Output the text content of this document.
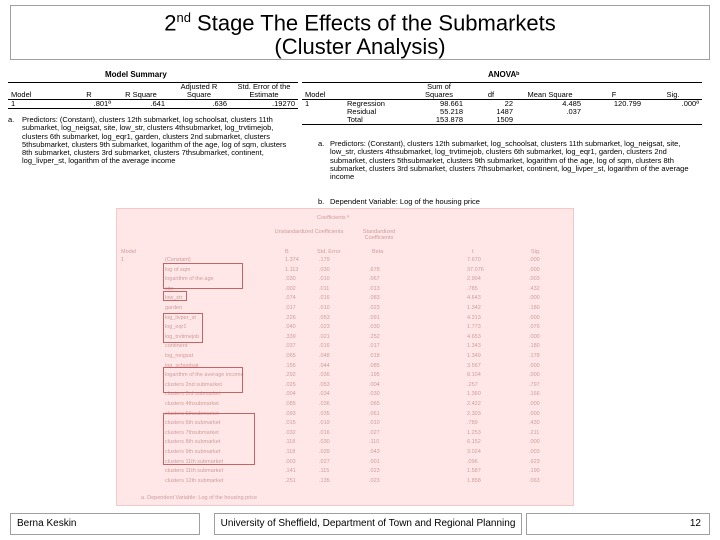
2nd Stage The Effects of the Submarkets
(Cluster Analysis)
Model Summary
Model	R	R Square	Adjusted R Square	Std. Error of the Estimate
1	.801ª	.641	.636	.19270
a.	Predictors: (Constant), clusters 12th submarket, log schoolsat, clusters 11th submarket, log_neigsat, site, low_str, clusters 4thsubmarket, log_trvtimejob, clusters 6th submarket, log_eqr1, garden, clusters 2nd submarket, clusters 5thsubmarket, clusters 9th submarket, logarithm of the age, log of sqm, clusters 8th submarket, clusters 3rd submarket, clusters 7thsubmarket, continent, log_livper_st, logarithm of the average income
ANOVAᵇ
Model		Sum of Squares	df	Mean Square	F	Sig.
1	Regression	98.661	22	4.485	120.799	.000ª
	Residual	55.218	1487	.037		
	Total	153.878	1509			
a. Predictors: (Constant), clusters 12th submarket, log_schoolsat, clusters 11th submarket, log_neigsat, site, low_str, clusters 4thsubmarket, log_trvtimejob, clusters 6th submarket, log_eqr1, garden, clusters 2nd submarket, clusters 5thsubmarket, clusters 9th submarket, logarithm of the age, log of sqm, clusters 8th submarket, clusters 3rd submarket, clusters 7thsubmarket, continent, log_livper_st, logarithm of the average income
b. Dependent Variable: Log of the housing price
Coefficients ª
Model
Unstandardized Coefficients	Standardized Coefficients
t	Sig.
B	Std. Error	Beta
1	(Constant)	1.374	.179	7.670	.000
log of sqm	1.113	.030	.678	37.076	.000
logarithm of the age	.030	.010	.067	2.904	.003
site	.002	.011	.013	.785	.432
low_str	.074	.016	.083	4.643	.000
garden	.017	.010	.023	1.342	.180
log_livper_st	.226	.053	.091	4.313	.000
log_eqr1	.040	.023	.030	1.773	.076
log_trvtimejob	.339	.021	.252	4.653	.000
continent	.037	.016	.017	1.343	.180
log_neigsat	.065	.048	.018	1.349	.178
log_schoolsat	.155	.044	.085	3.567	.000
logarithm of the average income	.292	.036	.195	8.104	.000
clusters 2nd submarket	.025	.053	.004	.257	.797
clusters 3rd submarket	.004	.034	.030	1.360	.166
clusters 4thsubmarket	.085	.036	.065	2.422	.000
clusters 5thsubmarket	.093	.035	.061	2.303	.000
clusters 6th submarket	.015	.019	.010	.789	.430
clusters 7thsubmarket	.032	.016	.027	1.253	.211
clusters 8th submarket	.118	.030	.110	6.152	.000
clusters 9th submarket	.118	.039	.043	3.024	.003
clusters 11th submarket	.003	.027	.001	.096	.923
clusters 11th submarket	.141	.115	.023	1.587	.190
clusters 12th submarket	.251	.135	.023	1.858	.063
a. Dependent Variable: Log of the housing price
Berna Keskin	University of Sheffield, Department of Town and Regional Planning	12
